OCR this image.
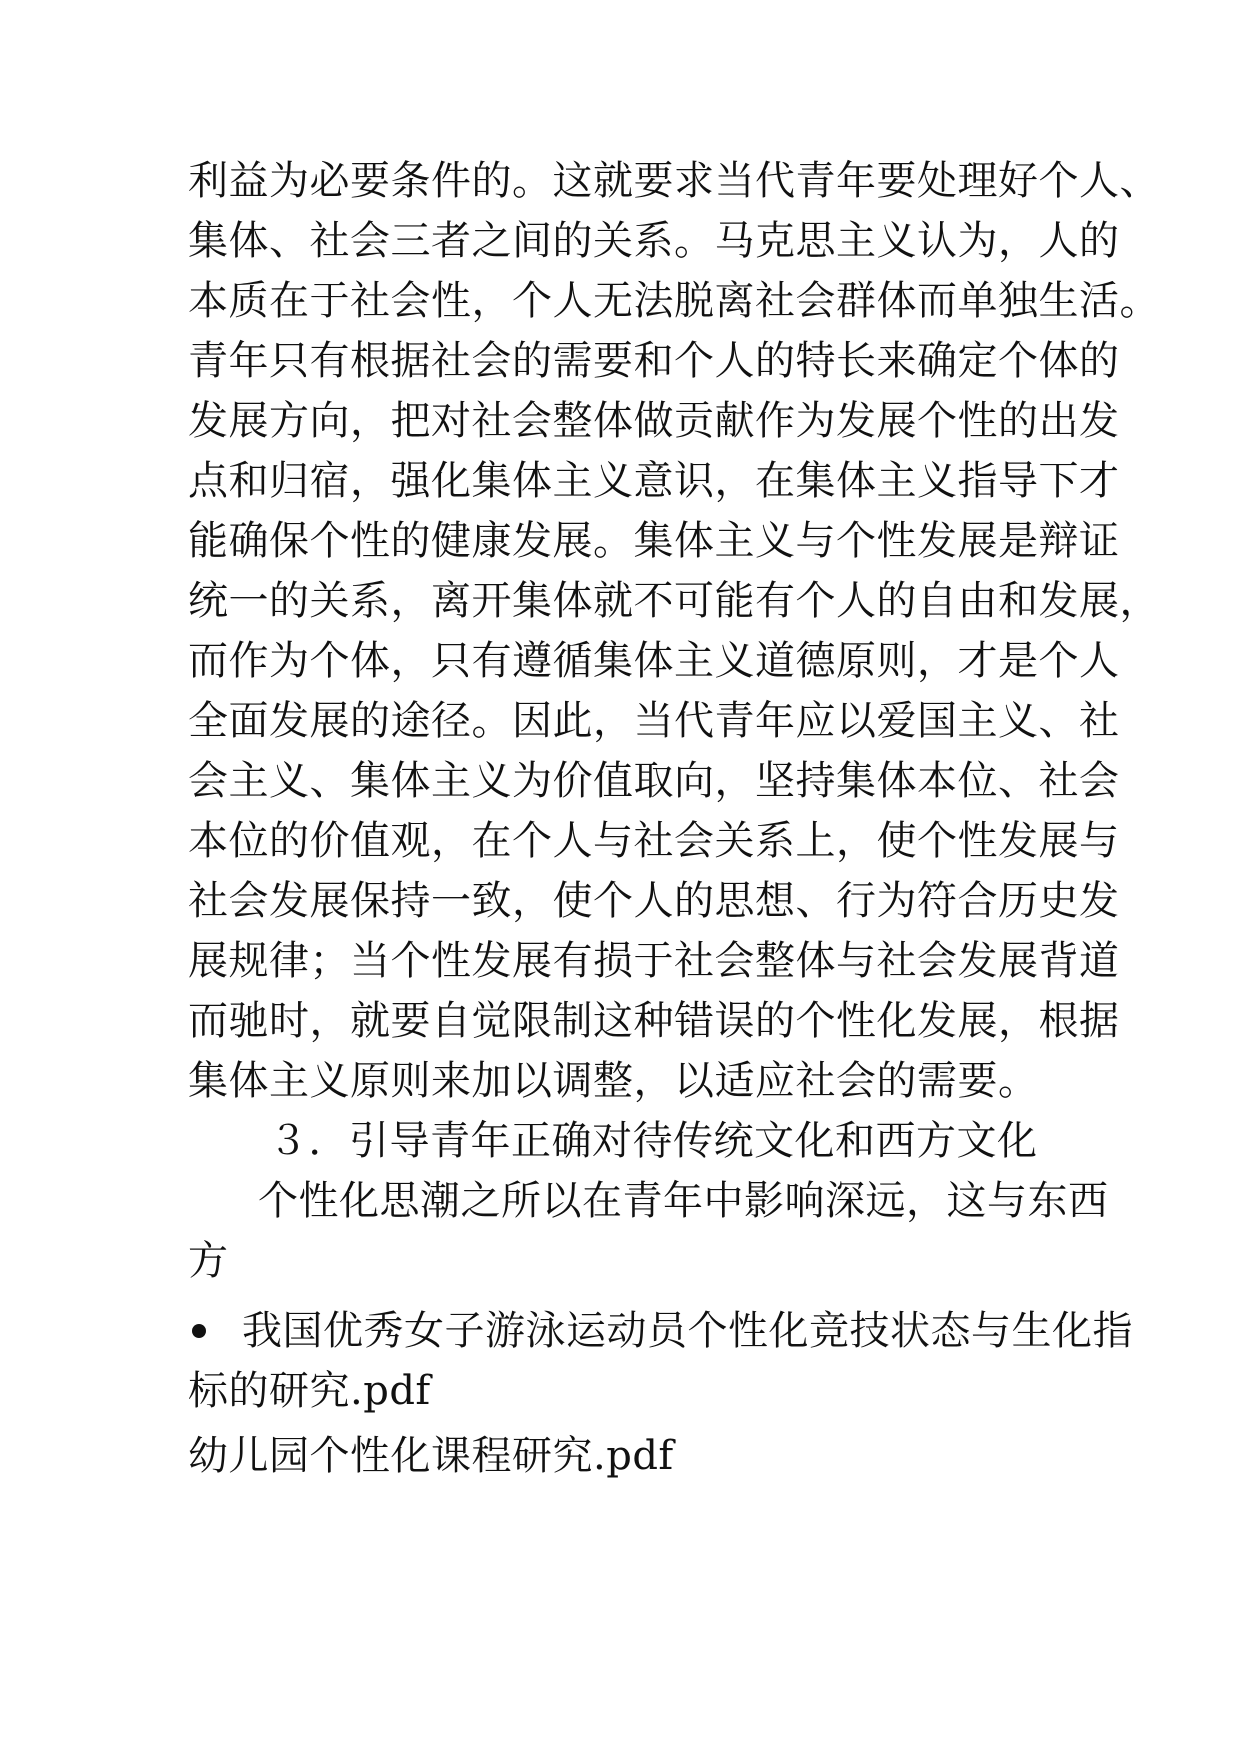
利益为必要条件的。这就要求当代青年要处理好个人、
集体、社会三者之间的关系。马克思主义认为，人的
本质在于社会性，个人无法脱离社会群体而单独生活。
青年只有根据社会的需要和个人的特长来确定个体的
发展方向，把对社会整体做贡献作为发展个性的出发
点和归宿，强化集体主义意识，在集体主义指导下才
能确保个性的健康发展。集体主义与个性发展是辩证
统一的关系，离开集体就不可能有个人的自由和发展，
而作为个体，只有遵循集体主义道德原则，才是个人
全面发展的途径。因此，当代青年应以爱国主义、社
会主义、集体主义为价值取向，坚持集体本位、社会
本位的价值观，在个人与社会关系上，使个性发展与
社会发展保持一致，使个人的思想、行为符合历史发
展规律；当个性发展有损于社会整体与社会发展背道
而驰时，就要自觉限制这种错误的个性化发展，根据
集体主义原则来加以调整，以适应社会的需要。
３．引导青年正确对待传统文化和西方文化
个性化思潮之所以在青年中影响深远，这与东西
方
我国优秀女子游泳运动员个性化竞技状态与生化指
标的研究.pdf
幼儿园个性化课程研究.pdf
